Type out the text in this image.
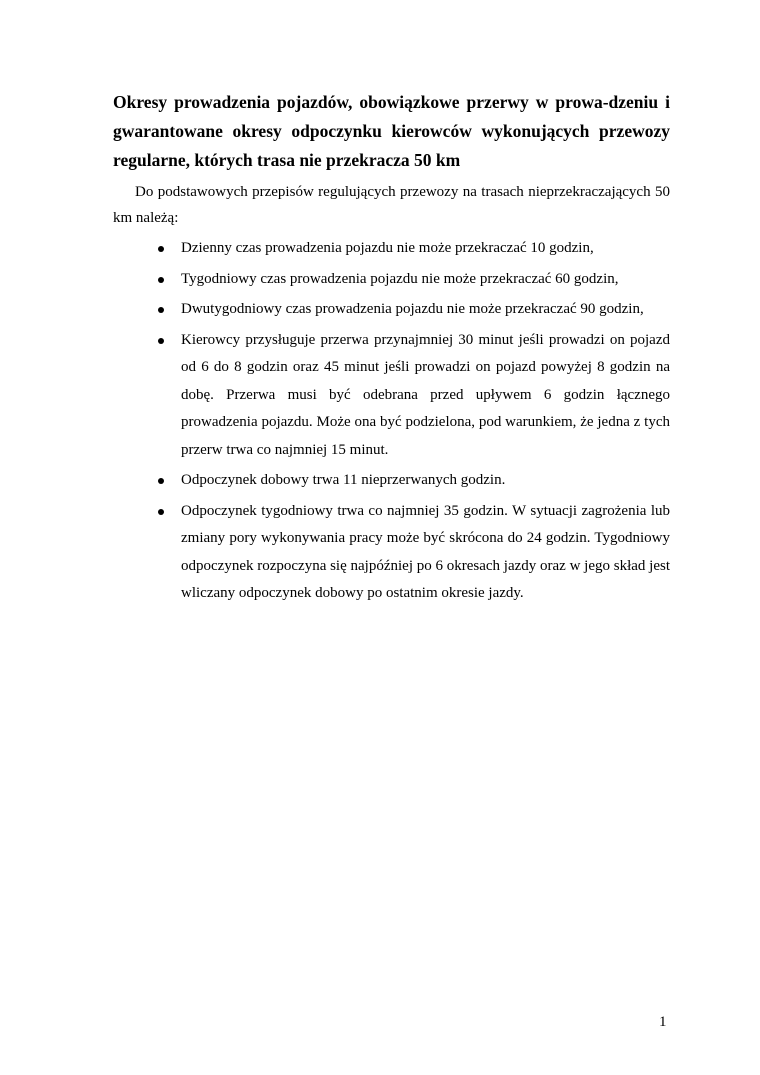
Okresy prowadzenia pojazdów, obowiązkowe przerwy w prowa-dzeniu i gwarantowane okresy odpoczynku kierowców wykonujących przewozy regularne, których trasa nie przekracza 50 km

Do podstawowych przepisów regulujących przewozy na trasach nieprzekraczających 50 km należą:

Dzienny czas prowadzenia pojazdu nie może przekraczać 10 godzin,
Tygodniowy czas prowadzenia pojazdu nie może przekraczać 60 godzin,
Dwutygodniowy czas prowadzenia pojazdu nie może przekraczać 90 godzin,
Kierowcy przysługuje przerwa przynajmniej 30 minut jeśli prowadzi on pojazd od 6 do 8 godzin oraz 45 minut jeśli prowadzi on pojazd powyżej 8 godzin na dobę. Przerwa musi być odebrana przed upływem 6 godzin łącznego prowadzenia pojazdu. Może ona być podzielona, pod warunkiem, że jedna z tych przerw trwa co najmniej 15 minut.
Odpoczynek dobowy trwa 11 nieprzerwanych godzin.
Odpoczynek tygodniowy trwa co najmniej 35 godzin. W sytuacji zagrożenia lub zmiany pory wykonywania pracy może być skrócona do 24 godzin. Tygodniowy odpoczynek rozpoczyna się najpóźniej po 6 okresach jazdy oraz w jego skład jest wliczany odpoczynek dobowy po ostatnim okresie jazdy.
1
